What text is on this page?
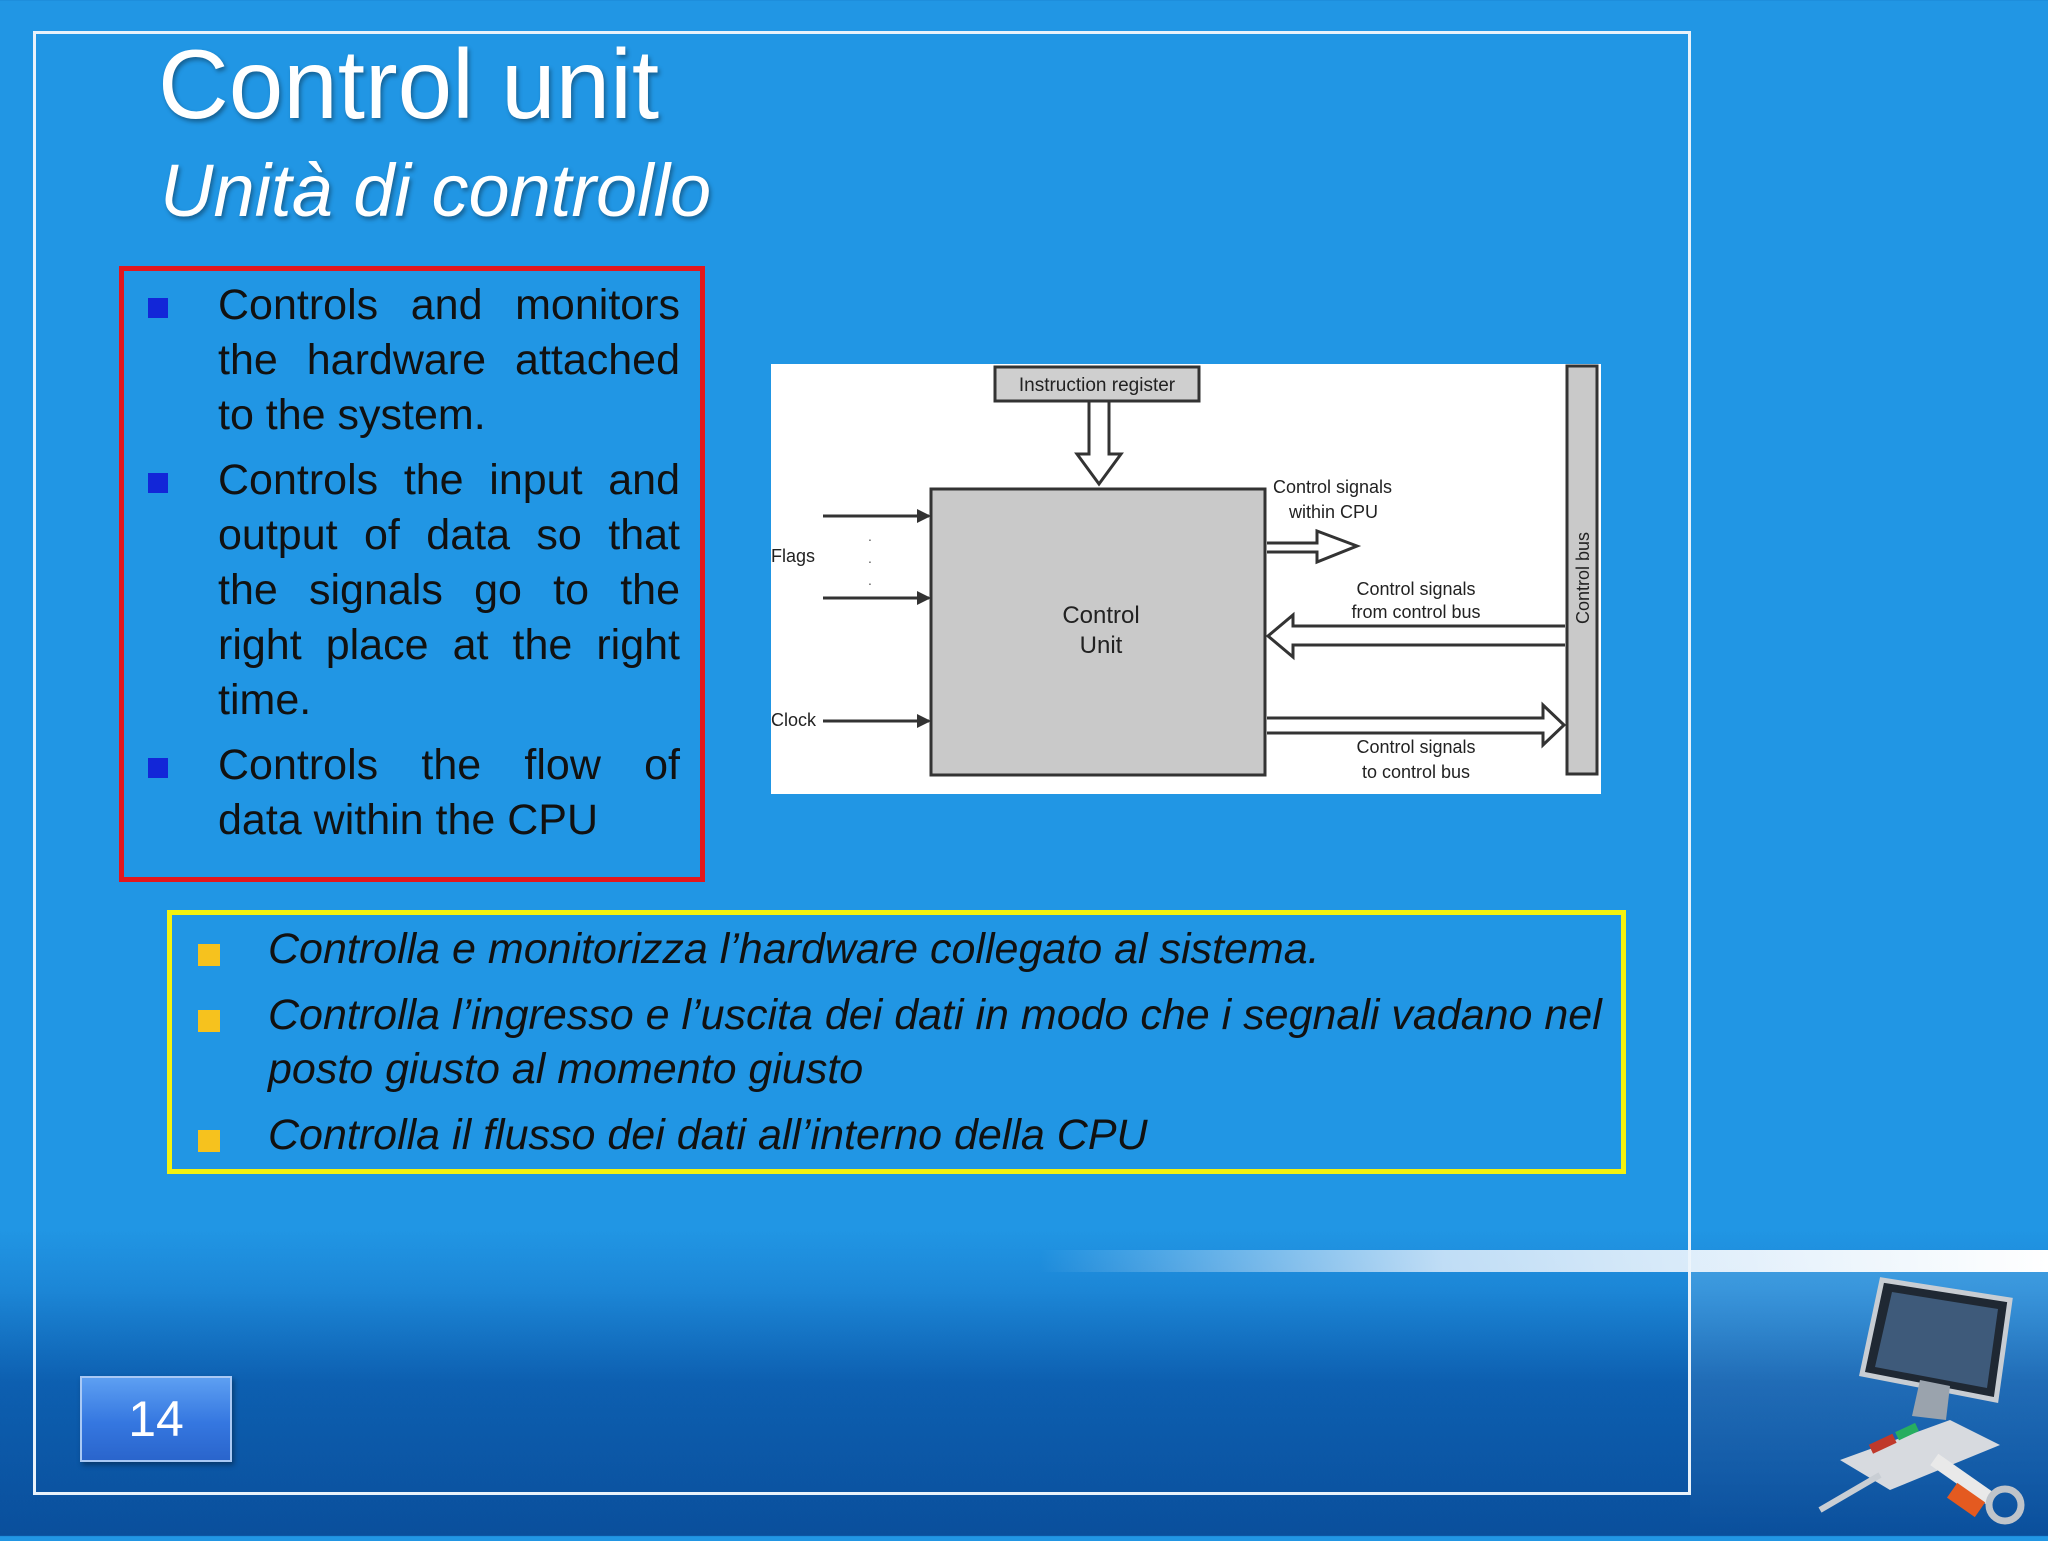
Control unit
Unità di controllo
Controls and monitors the hardware attached to the system.
Controls the input and output of data so that the signals go to the right place at the right time.
Controls the flow of data within the CPU
Instruction register
Control
Unit
.
.
.
Flags
Clock
Control signals
within CPU
Control signals
from control bus
Control signals
to control bus
Control bus
Controlla e monitorizza l’hardware collegato al sistema.
Controlla l’ingresso e l’uscita dei dati in modo che i segnali vadano nel posto giusto al momento giusto
Controlla il flusso dei dati all’interno della CPU
14
